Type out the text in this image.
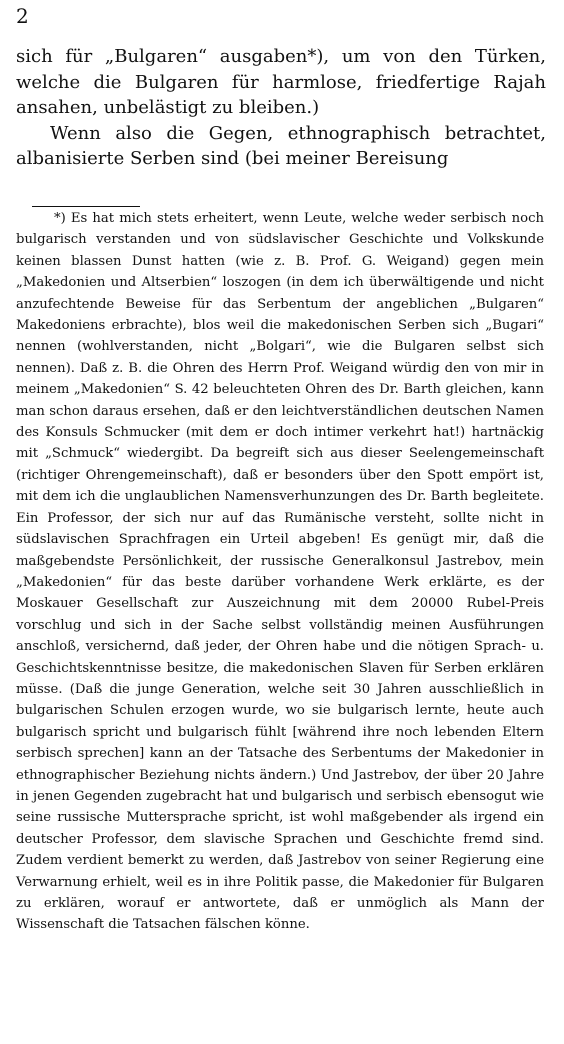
2

sich für „Bulgaren“ ausgaben*), um von den Türken, welche die Bulgaren für harmlose, friedfertige Rajah ansahen, unbelästigt zu bleiben.)

Wenn also die Gegen, ethnographisch betrachtet, albanisierte Serben sind (bei meiner Bereisung

*) Es hat mich stets erheitert, wenn Leute, welche weder serbisch noch bulgarisch verstanden und von südslavischer Geschichte und Volkskunde keinen blassen Dunst hatten (wie z. B. Prof. G. Weigand) gegen mein „Makedonien und Altserbien“ loszogen (in dem ich überwältigende und nicht anzufechtende Beweise für das Serbentum der angeblichen „Bulgaren“ Makedoniens erbrachte), blos weil die makedonischen Serben sich „Bugari“ nennen (wohlverstanden, nicht „Bolgari“, wie die Bulgaren selbst sich nennen). Daß z. B. die Ohren des Herrn Prof. Weigand würdig den von mir in meinem „Makedonien“ S. 42 beleuchteten Ohren des Dr. Barth gleichen, kann man schon daraus ersehen, daß er den leichtverständlichen deutschen Namen des Konsuls Schmucker (mit dem er doch intimer verkehrt hat!) hartnäckig mit „Schmuck“ wiedergibt. Da begreift sich aus dieser Seelengemeinschaft (richtiger Ohrengemeinschaft), daß er besonders über den Spott empört ist, mit dem ich die unglaublichen Namensverhunzungen des Dr. Barth begleitete. Ein Professor, der sich nur auf das Rumänische versteht, sollte nicht in südslavischen Sprachfragen ein Urteil abgeben! Es genügt mir, daß die maßgebendste Persönlichkeit, der russische Generalkonsul Jastrebov, mein „Makedonien“ für das beste darüber vorhandene Werk erklärte, es der Moskauer Gesellschaft zur Auszeichnung mit dem 20000 Rubel-Preis vorschlug und sich in der Sache selbst vollständig meinen Ausführungen anschloß, versichernd, daß jeder, der Ohren habe und die nötigen Sprach- u. Geschichtskenntnisse besitze, die makedonischen Slaven für Serben erklären müsse. (Daß die junge Generation, welche seit 30 Jahren ausschließlich in bulgarischen Schulen erzogen wurde, wo sie bulgarisch lernte, heute auch bulgarisch spricht und bulgarisch fühlt [während ihre noch lebenden Eltern serbisch sprechen] kann an der Tatsache des Serbentums der Makedonier in ethnographischer Beziehung nichts ändern.) Und Jastrebov, der über 20 Jahre in jenen Gegenden zugebracht hat und bulgarisch und serbisch ebensogut wie seine russische Muttersprache spricht, ist wohl maßgebender als irgend ein deutscher Professor, dem slavische Sprachen und Geschichte fremd sind. Zudem verdient bemerkt zu werden, daß Jastrebov von seiner Regierung eine Verwarnung erhielt, weil es in ihre Politik passe, die Makedonier für Bulgaren zu erklären, worauf er antwortete, daß er unmöglich als Mann der Wissenschaft die Tatsachen fälschen könne.
